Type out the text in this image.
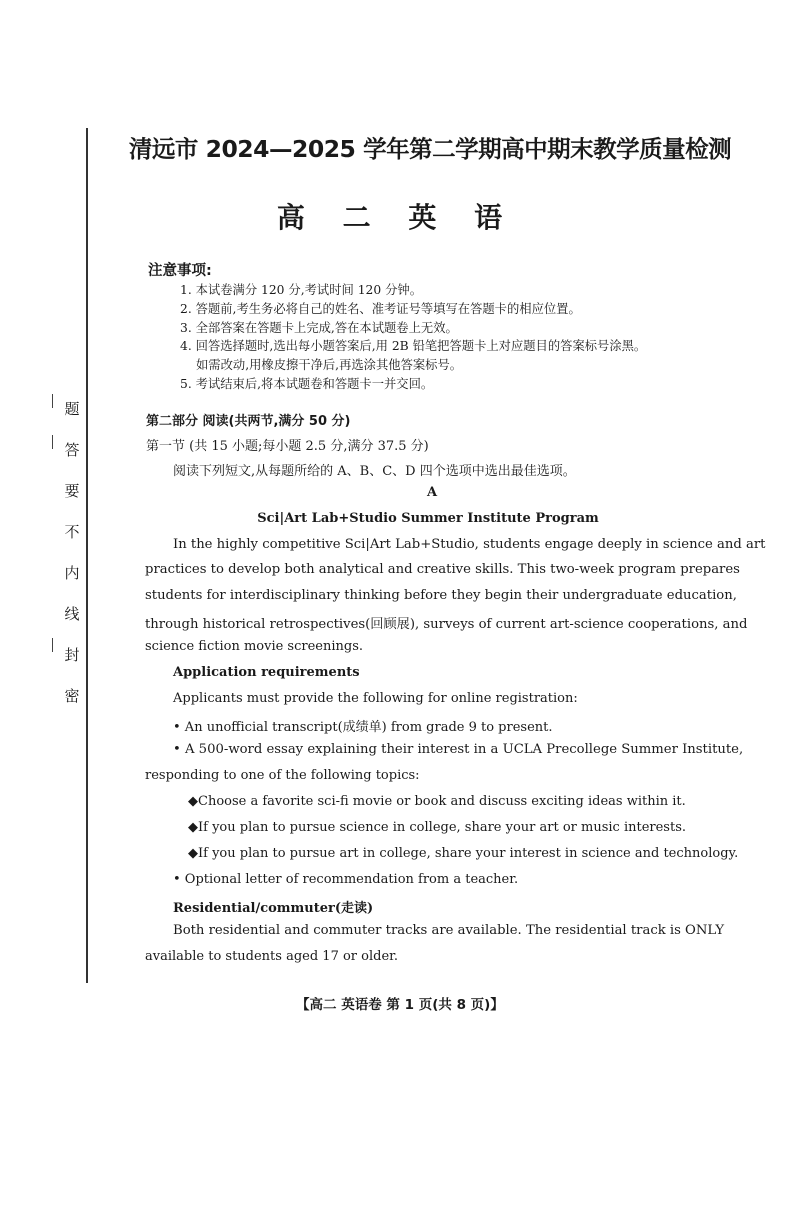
题
答
要
不
内
线
封
密
清远市 2024—2025 学年第二学期高中期末教学质量检测
高 二 英 语
注意事项:
1. 本试卷满分 120 分,考试时间 120 分钟。
2. 答题前,考生务必将自己的姓名、准考证号等填写在答题卡的相应位置。
3. 全部答案在答题卡上完成,答在本试题卷上无效。
4. 回答选择题时,选出每小题答案后,用 2B 铅笔把答题卡上对应题目的答案标号涂黑。
如需改动,用橡皮擦干净后,再选涂其他答案标号。
5. 考试结束后,将本试题卷和答题卡一并交回。
第二部分 阅读(共两节,满分 50 分)
第一节 (共 15 小题;每小题 2.5 分,满分 37.5 分)
阅读下列短文,从每题所给的 A、B、C、D 四个选项中选出最佳选项。
A
Sci|Art Lab+Studio Summer Institute Program
In the highly competitive Sci|Art Lab+Studio, students engage deeply in science and art
practices to develop both analytical and creative skills. This two-week program prepares
students for interdisciplinary thinking before they begin their undergraduate education,
through historical retrospectives(回顾展), surveys of current art-science cooperations, and
science fiction movie screenings.
Application requirements
Applicants must provide the following for online registration:
• An unofficial transcript(成绩单) from grade 9 to present.
• A 500-word essay explaining their interest in a UCLA Precollege Summer Institute,
responding to one of the following topics:
◆Choose a favorite sci-fi movie or book and discuss exciting ideas within it.
◆If you plan to pursue science in college, share your art or music interests.
◆If you plan to pursue art in college, share your interest in science and technology.
• Optional letter of recommendation from a teacher.
Residential/commuter(走读)
Both residential and commuter tracks are available. The residential track is ONLY
available to students aged 17 or older.
【高二 英语卷 第 1 页(共 8 页)】
